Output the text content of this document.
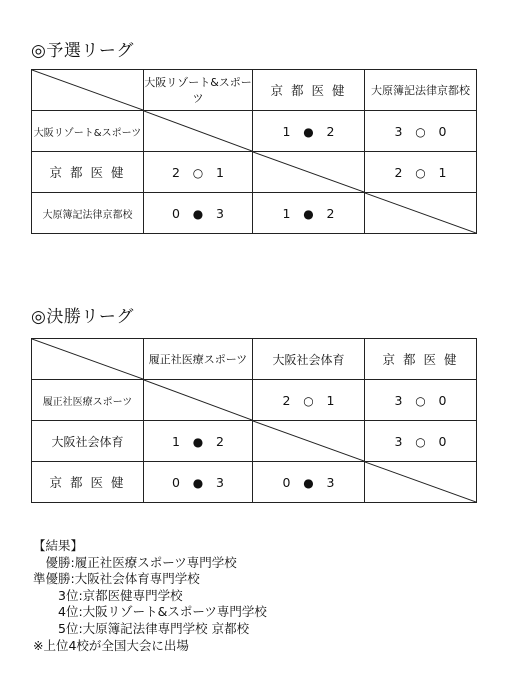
◎予選リーグ
	大阪リゾート&スポーツ	京 都 医 健	大原簿記法律京都校
大阪リゾート&スポーツ		1 ● 2	3 ○ 0
京 都 医 健	2 ○ 1		2 ○ 1
大原簿記法律京都校	0 ● 3	1 ● 2	
◎決勝リーグ
	履正社医療スポーツ	大阪社会体育	京 都 医 健
履正社医療スポーツ		2 ○ 1	3 ○ 0
大阪社会体育	1 ● 2		3 ○ 0
京 都 医 健	0 ● 3	0 ● 3	
【結果】
　優勝:履正社医療スポーツ専門学校
準優勝:大阪社会体育専門学校
　　3位:京都医健専門学校
　　4位:大阪リゾート&スポーツ専門学校
　　5位:大原簿記法律専門学校 京都校
※上位4校が全国大会に出場
